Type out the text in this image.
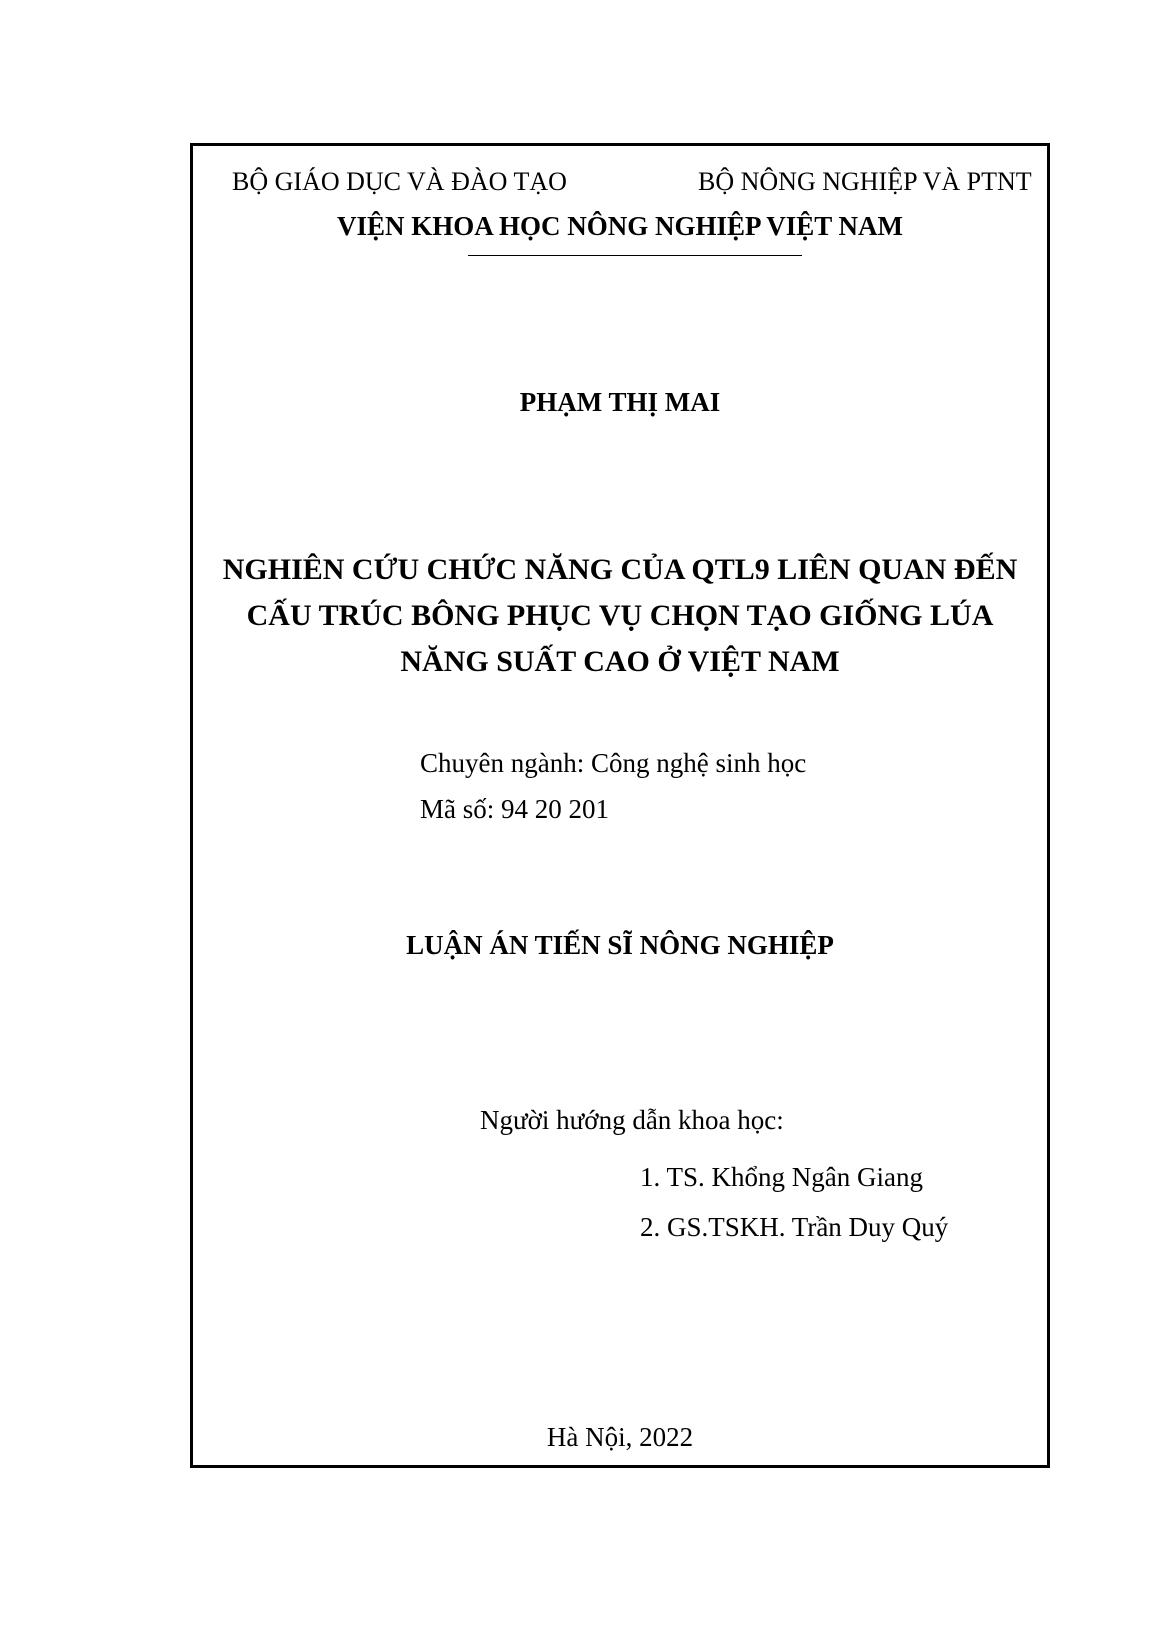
BỘ GIÁO DỤC VÀ ĐÀO TẠO	BỘ NÔNG NGHIỆP VÀ PTNT
VIỆN KHOA HỌC NÔNG NGHIỆP VIỆT NAM
PHẠM THỊ MAI
NGHIÊN CỨU CHỨC NĂNG CỦA QTL9 LIÊN QUAN ĐẾN
CẤU TRÚC BÔNG PHỤC VỤ CHỌN TẠO GIỐNG LÚA
NĂNG SUẤT CAO Ở VIỆT NAM
Chuyên ngành: Công nghệ sinh học
Mã số: 94 20 201
LUẬN ÁN TIẾN SĨ NÔNG NGHIỆP
Người hướng dẫn khoa học:
1. TS. Khổng Ngân Giang
2. GS.TSKH. Trần Duy Quý
Hà Nội, 2022
